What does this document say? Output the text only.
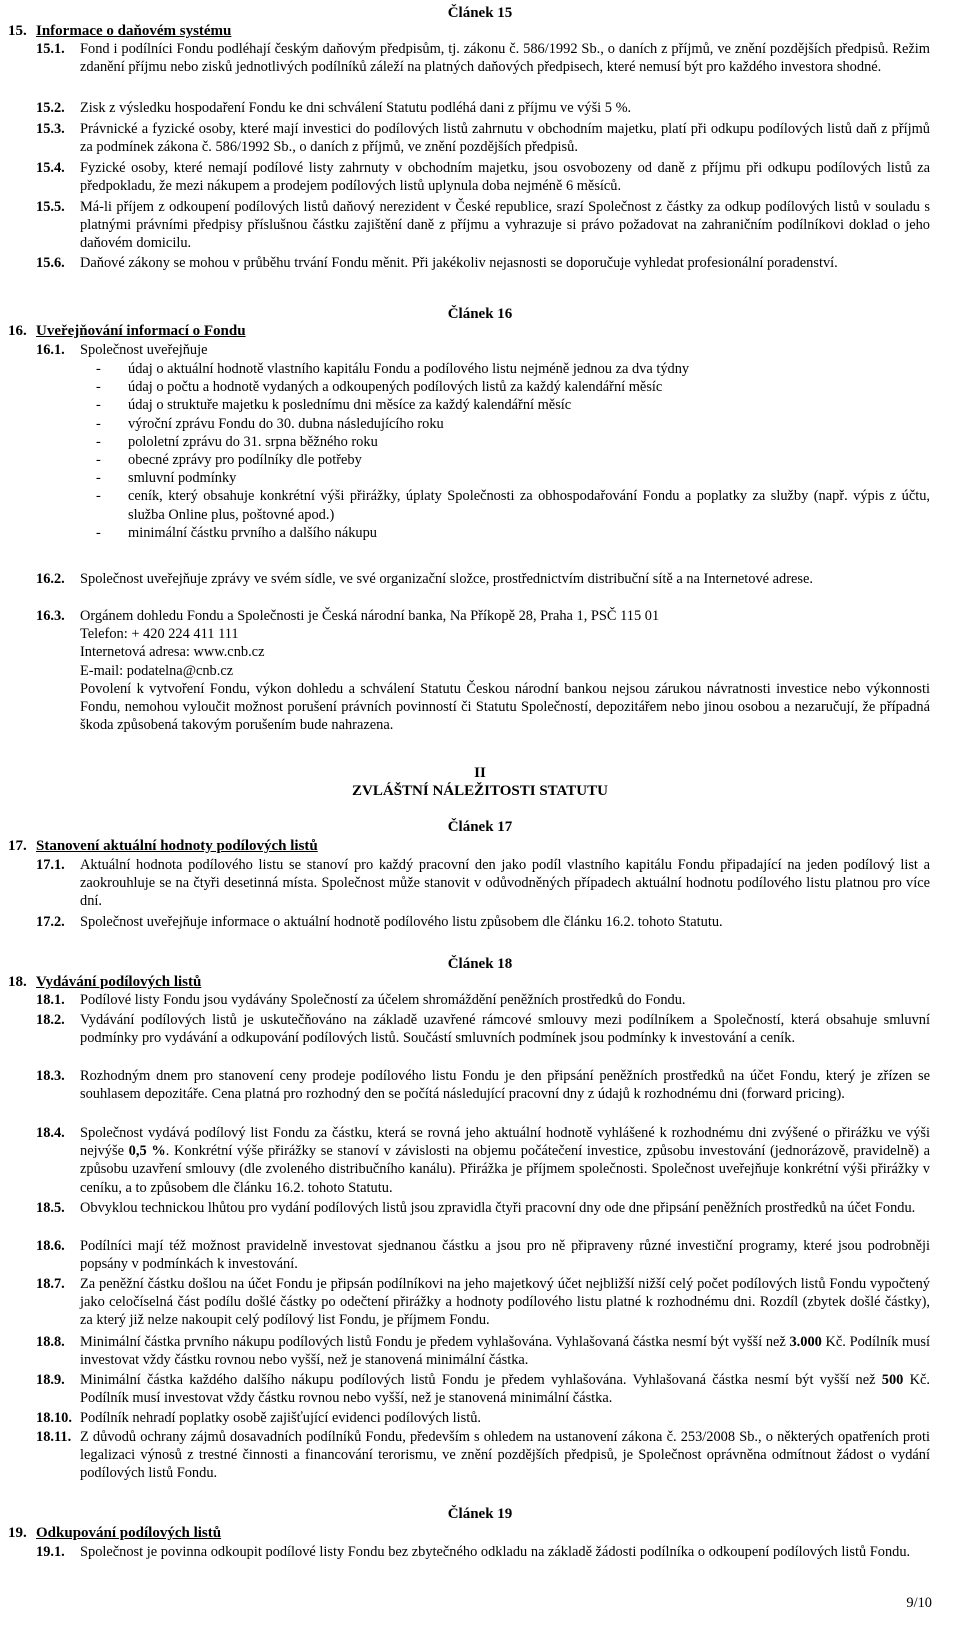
Článek 15
15. Informace o daňovém systému
15.1. Fond i podílníci Fondu podléhají českým daňovým předpisům, tj. zákonu č. 586/1992 Sb., o daních z příjmů, ve znění pozdějších předpisů. Režim zdanění příjmu nebo zisků jednotlivých podílníků záleží na platných daňových předpisech, které nemusí být pro každého investora shodné.
15.2. Zisk z výsledku hospodaření Fondu ke dni schválení Statutu podléhá dani z příjmu ve výši 5 %.
15.3. Právnické a fyzické osoby, které mají investici do podílových listů zahrnutu v obchodním majetku, platí při odkupu podílových listů daň z příjmů za podmínek zákona č. 586/1992 Sb., o daních z příjmů, ve znění pozdějších předpisů.
15.4. Fyzické osoby, které nemají podílové listy zahrnuty v obchodním majetku, jsou osvobozeny od daně z příjmu při odkupu podílových listů za předpokladu, že mezi nákupem a prodejem podílových listů uplynula doba nejméně 6 měsíců.
15.5. Má-li příjem z odkoupení podílových listů daňový nerezident v České republice, srazí Společnost z částky za odkup podílových listů v souladu s platnými právními předpisy příslušnou částku zajištění daně z příjmu a vyhrazuje si právo požadovat na zahraničním podílníkovi doklad o jeho daňovém domicilu.
15.6. Daňové zákony se mohou v průběhu trvání Fondu měnit. Při jakékoliv nejasnosti se doporučuje vyhledat profesionální poradenství.
Článek 16
16. Uveřejňování informací o Fondu
16.1. Společnost uveřejňuje
- údaj o aktuální hodnotě vlastního kapitálu Fondu a podílového listu nejméně jednou za dva týdny
- údaj o počtu a hodnotě vydaných a odkoupených podílových listů za každý kalendářní měsíc
- údaj o struktuře majetku k poslednímu dni měsíce za každý kalendářní měsíc
- výroční zprávu Fondu do 30. dubna následujícího roku
- pololetní zprávu do 31. srpna běžného roku
- obecné zprávy pro podílníky dle potřeby
- smluvní podmínky
- ceník, který obsahuje konkrétní výši přirážky, úplaty Společnosti za obhospodařování Fondu a poplatky za služby (např. výpis z účtu, služba Online plus, poštovné apod.)
- minimální částku prvního a dalšího nákupu
16.2. Společnost uveřejňuje zprávy ve svém sídle, ve své organizační složce, prostřednictvím distribuční sítě a na Internetové adrese.
16.3. Orgánem dohledu Fondu a Společnosti je Česká národní banka, Na Příkopě 28, Praha 1, PSČ 115 01
Telefon: + 420 224 411 111
Internetová adresa: www.cnb.cz
E-mail: podatelna@cnb.cz
Povolení k vytvoření Fondu, výkon dohledu a schválení Statutu Českou národní bankou nejsou zárukou návratnosti investice nebo výkonnosti Fondu, nemohou vyloučit možnost porušení právních povinností či Statutu Společností, depozitářem nebo jinou osobou a nezaručují, že případná škoda způsobená takovým porušením bude nahrazena.
II
ZVLÁŠTNÍ NÁLEŽITOSTI STATUTU
Článek 17
17. Stanovení aktuální hodnoty podílových listů
17.1. Aktuální hodnota podílového listu se stanoví pro každý pracovní den jako podíl vlastního kapitálu Fondu připadající na jeden podílový list a zaokrouhluje se na čtyři desetinná místa. Společnost může stanovit v odůvodněných případech aktuální hodnotu podílového listu platnou pro více dní.
17.2. Společnost uveřejňuje informace o aktuální hodnotě podílového listu způsobem dle článku 16.2. tohoto Statutu.
Článek 18
18. Vydávání podílových listů
18.1. Podílové listy Fondu jsou vydávány Společností za účelem shromáždění peněžních prostředků do Fondu.
18.2. Vydávání podílových listů je uskutečňováno na základě uzavřené rámcové smlouvy mezi podílníkem a Společností, která obsahuje smluvní podmínky pro vydávání a odkupování podílových listů. Součástí smluvních podmínek jsou podmínky k investování a ceník.
18.3. Rozhodným dnem pro stanovení ceny prodeje podílového listu Fondu je den připsání peněžních prostředků na účet Fondu, který je zřízen se souhlasem depozitáře. Cena platná pro rozhodný den se počítá následující pracovní dny z údajů k rozhodnému dni (forward pricing).
18.4. Společnost vydává podílový list Fondu za částku, která se rovná jeho aktuální hodnotě vyhlášené k rozhodnému dni zvýšené o přirážku ve výši nejvýše 0,5 %. Konkrétní výše přirážky se stanoví v závislosti na objemu počátečení investice, způsobu investování (jednorázově, pravidelně) a způsobu uzavření smlouvy (dle zvoleného distribučního kanálu). Přirážka je příjmem společnosti. Společnost uveřejňuje konkrétní výši přirážky v ceníku, a to způsobem dle článku 16.2. tohoto Statutu.
18.5. Obvyklou technickou lhůtou pro vydání podílových listů jsou zpravidla čtyři pracovní dny ode dne připsání peněžních prostředků na účet Fondu.
18.6. Podílníci mají též možnost pravidelně investovat sjednanou částku a jsou pro ně připraveny různé investiční programy, které jsou podrobněji popsány v podmínkách k investování.
18.7. Za peněžní částku došlou na účet Fondu je připsán podílníkovi na jeho majetkový účet nejbližší nižší celý počet podílových listů Fondu vypočtený jako celočíselná část podílu došlé částky po odečtení přirážky a hodnoty podílového listu platné k rozhodnému dni. Rozdíl (zbytek došlé částky), za který již nelze nakoupit celý podílový list Fondu, je příjmem Fondu.
18.8. Minimální částka prvního nákupu podílových listů Fondu je předem vyhlašována. Vyhlašovaná částka nesmí být vyšší než 3.000 Kč. Podílník musí investovat vždy částku rovnou nebo vyšší, než je stanovená minimální částka.
18.9. Minimální částka každého dalšího nákupu podílových listů Fondu je předem vyhlašována. Vyhlašovaná částka nesmí být vyšší než 500 Kč. Podílník musí investovat vždy částku rovnou nebo vyšší, než je stanovená minimální částka.
18.10. Podílník nehradí poplatky osobě zajišťující evidenci podílových listů.
18.11. Z důvodů ochrany zájmů dosavadních podílníků Fondu, především s ohledem na ustanovení zákona č. 253/2008 Sb., o některých opatřeních proti legalizaci výnosů z trestné činnosti a financování terorismu, ve znění pozdějších předpisů, je Společnost oprávněna odmítnout žádost o vydání podílových listů Fondu.
Článek 19
19. Odkupování podílových listů
19.1. Společnost je povinna odkoupit podílové listy Fondu bez zbytečného odkladu na základě žádosti podílníka o odkoupení podílových listů Fondu.
9/10
